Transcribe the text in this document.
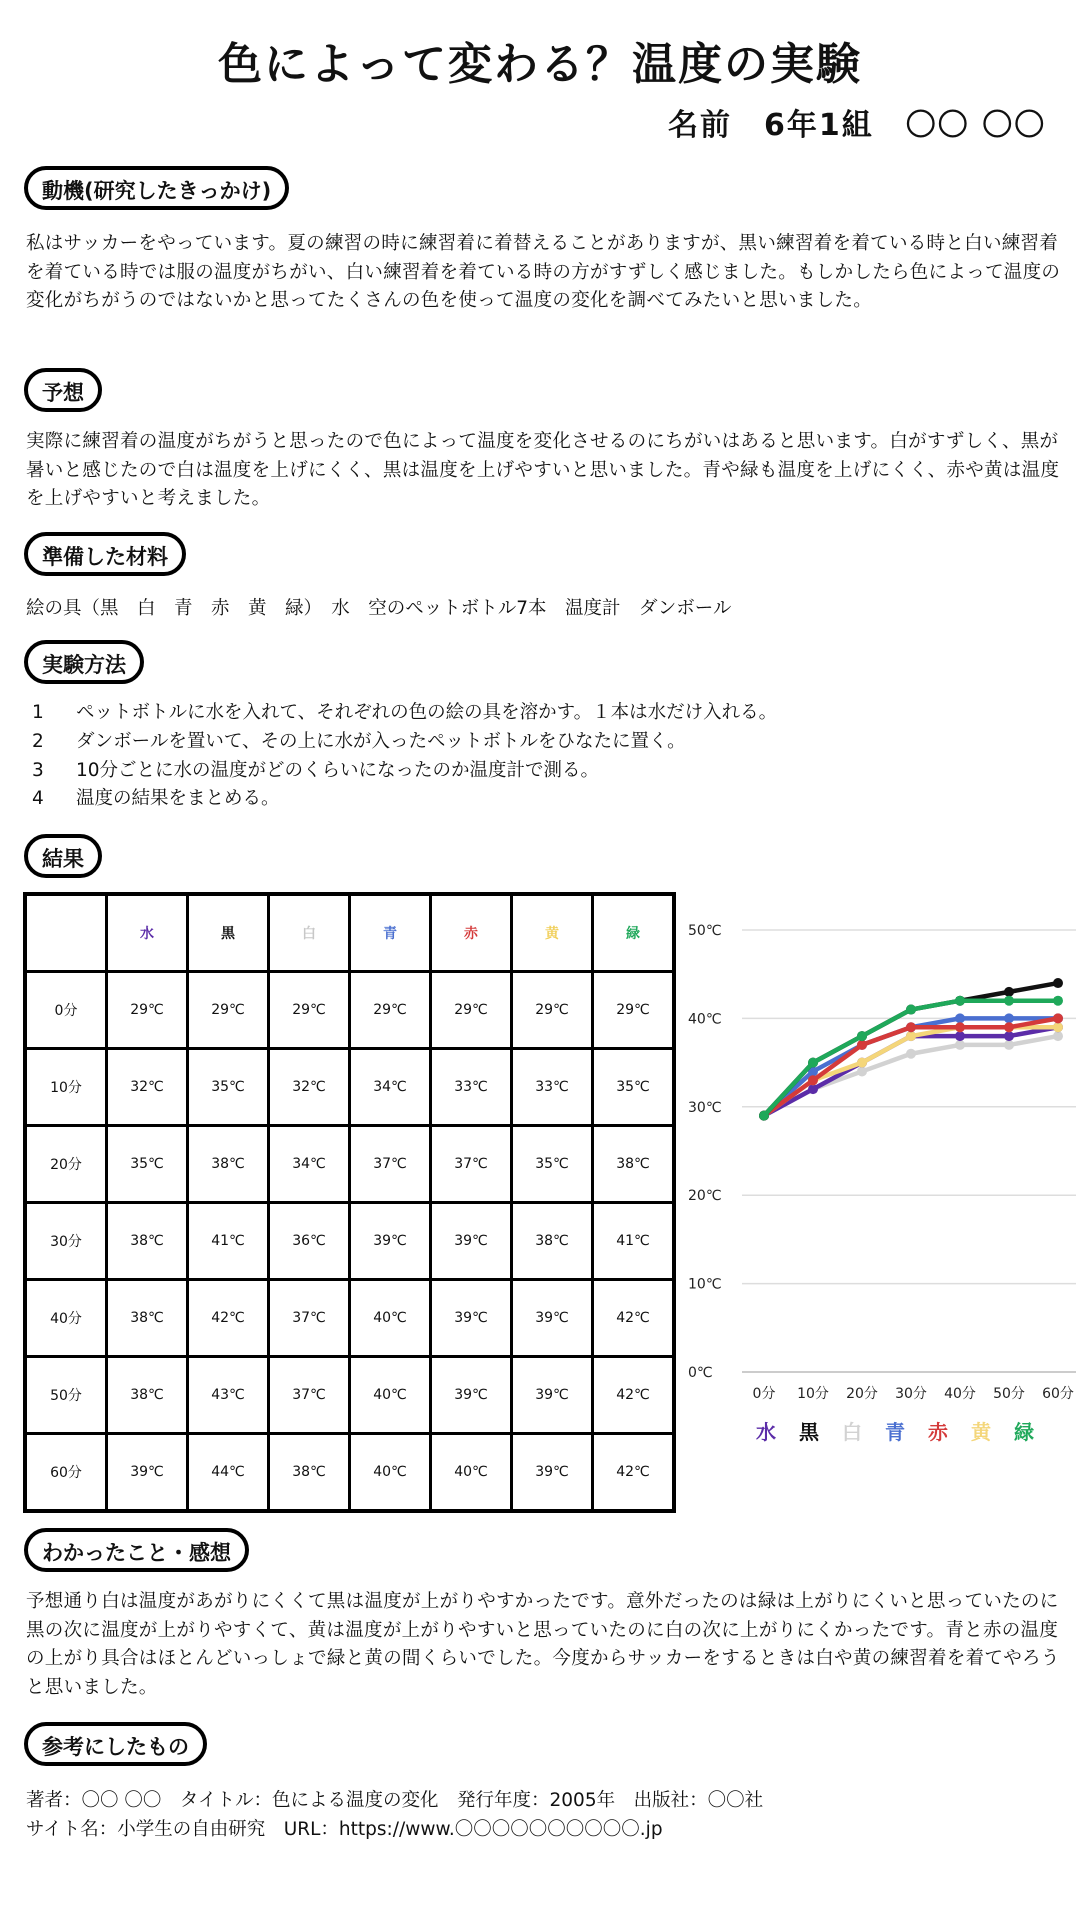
色によって変わる？温度の実験
名前　6年1組　〇〇 〇〇
動機(研究したきっかけ)
私はサッカーをやっています。夏の練習の時に練習着に着替えることがありますが、黒い練習着を着ている時と白い練習着を着ている時では服の温度がちがい、白い練習着を着ている時の方がすずしく感じました。もしかしたら色によって温度の変化がちがうのではないかと思ってたくさんの色を使って温度の変化を調べてみたいと思いました。
予想
実際に練習着の温度がちがうと思ったので色によって温度を変化させるのにちがいはあると思います。白がすずしく、黒が暑いと感じたので白は温度を上げにくく、黒は温度を上げやすいと思いました。青や緑も温度を上げにくく、赤や黄は温度を上げやすいと考えました。
準備した材料
絵の具（黒　白　青　赤　黄　緑）　水　空のペットボトル7本　温度計　ダンボール
実験方法
1	ペットボトルに水を入れて、それぞれの色の絵の具を溶かす。１本は水だけ入れる。
2	ダンボールを置いて、その上に水が入ったペットボトルをひなたに置く。
3	10分ごとに水の温度がどのくらいになったのか温度計で測る。
4	温度の結果をまとめる。
結果
	水	黒	白	青	赤	黄	緑
0分	29℃	29℃	29℃	29℃	29℃	29℃	29℃
10分	32℃	35℃	32℃	34℃	33℃	33℃	35℃
20分	35℃	38℃	34℃	37℃	37℃	35℃	38℃
30分	38℃	41℃	36℃	39℃	39℃	38℃	41℃
40分	38℃	42℃	37℃	40℃	39℃	39℃	42℃
50分	38℃	43℃	37℃	40℃	39℃	39℃	42℃
60分	39℃	44℃	38℃	40℃	40℃	39℃	42℃
0℃
10℃
20℃
30℃
40℃
50℃
0分 10分 20分 30分 40分 50分 60分
水 黒 白 青 赤 黄 緑
わかったこと・感想
予想通り白は温度があがりにくくて黒は温度が上がりやすかったです。意外だったのは緑は上がりにくいと思っていたのに黒の次に温度が上がりやすくて、黄は温度が上がりやすいと思っていたのに白の次に上がりにくかったです。青と赤の温度の上がり具合はほとんどいっしょで緑と黄の間くらいでした。今度からサッカーをするときは白や黄の練習着を着てやろうと思いました。
参考にしたもの
著者：〇〇 〇〇　タイトル：色による温度の変化　発行年度：2005年　出版社：〇〇社
サイト名：小学生の自由研究　URL：https://www.〇〇〇〇〇〇〇〇〇〇.jp
